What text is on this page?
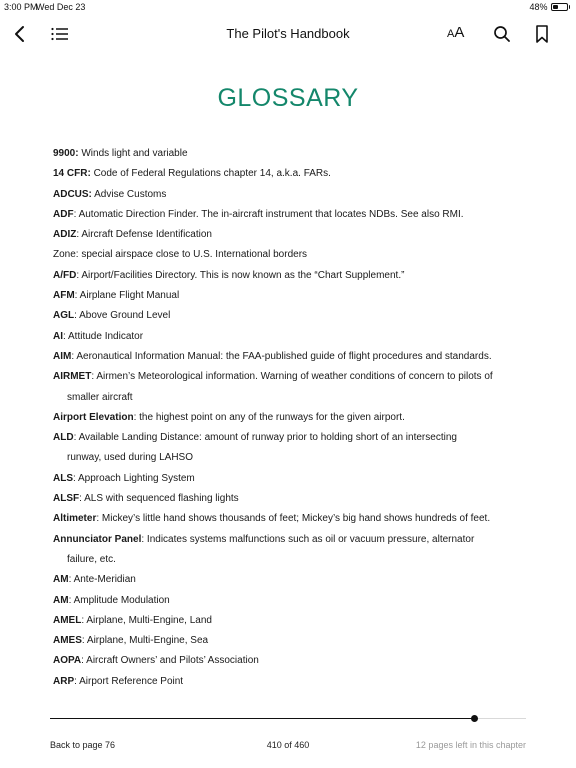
3:00 PM
Wed Dec 23	48%
The Pilot's Handbook	AA
GLOSSARY

9900: Winds light and variable

14 CFR: Code of Federal Regulations chapter 14, a.k.a. FARs.

ADCUS: Advise Customs

ADF: Automatic Direction Finder. The in-aircraft instrument that locates NDBs. See also RMI.

ADIZ: Aircraft Defense Identification

Zone: special airspace close to U.S. International borders

A/FD: Airport/Facilities Directory. This is now known as the “Chart Supplement.”

AFM: Airplane Flight Manual

AGL: Above Ground Level

AI: Attitude Indicator

AIM: Aeronautical Information Manual: the FAA-published guide of flight procedures and standards.

AIRMET: Airmen’s Meteorological information. Warning of weather conditions of concern to pilots of
smaller aircraft

Airport Elevation: the highest point on any of the runways for the given airport.

ALD: Available Landing Distance: amount of runway prior to holding short of an intersecting
runway, used during LAHSO

ALS: Approach Lighting System

ALSF: ALS with sequenced flashing lights

Altimeter: Mickey’s little hand shows thousands of feet; Mickey’s big hand shows hundreds of feet.

Annunciator Panel: Indicates systems malfunctions such as oil or vacuum pressure, alternator
failure, etc.

AM: Ante-Meridian

AM: Amplitude Modulation

AMEL: Airplane, Multi-Engine, Land

AMES: Airplane, Multi-Engine, Sea

AOPA: Aircraft Owners’ and Pilots’ Association

ARP: Airport Reference Point

Back to page 76	410 of 460	12 pages left in this chapter
